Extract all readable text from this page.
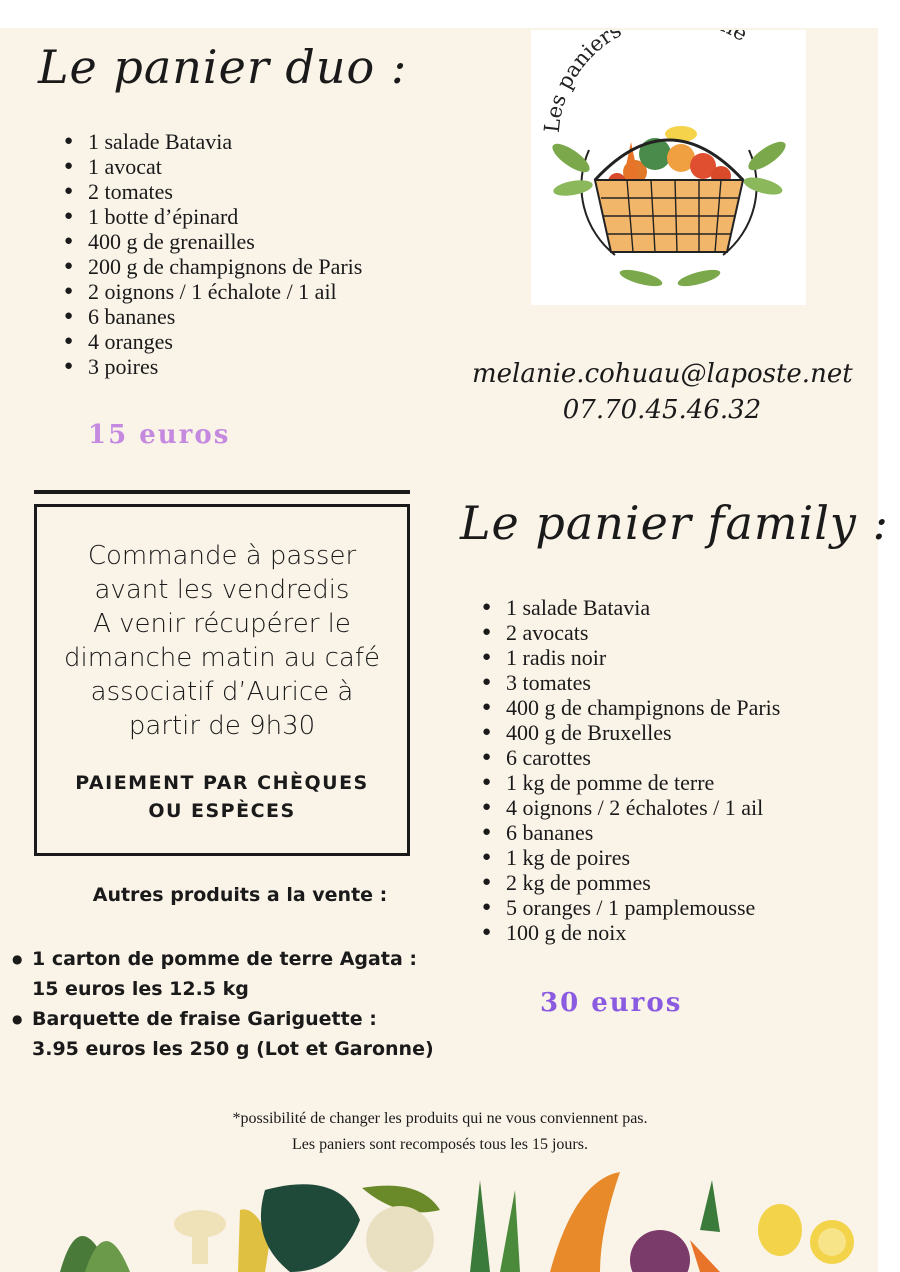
Le panier duo :
● 1 salade Batavia
● 1 avocat
● 2 tomates
● 1 botte d’épinard
● 400 g de grenailles
● 200 g de champignons de Paris
● 2 oignons / 1 échalote / 1 ail
● 6 bananes
● 4 oranges
● 3 poires
15 euros
Les paniers e
melanie.cohuau@laposte.net
07.70.45.46.32
Commande à passer
avant les vendredis
A venir récupérer le
dimanche matin au café
associatif d’Aurice à
partir de 9h30
PAIEMENT PAR CHÈQUES
OU ESPÈCES
Autres produits a la vente :
● 1 carton de pomme de terre Agata :
15 euros les 12.5 kg
● Barquette de fraise Gariguette :
3.95 euros les 250 g (Lot et Garonne)
Le panier family :
● 1 salade Batavia
● 2 avocats
● 1 radis noir
● 3 tomates
● 400 g de champignons de Paris
● 400 g de Bruxelles
● 6 carottes
● 1 kg de pomme de terre
● 4 oignons / 2 échalotes / 1 ail
● 6 bananes
● 1 kg de poires
● 2 kg de pommes
● 5 oranges / 1 pamplemousse
● 100 g de noix
30 euros
*possibilité de changer les produits qui ne vous conviennent pas.
Les paniers sont recomposés tous les 15 jours.
